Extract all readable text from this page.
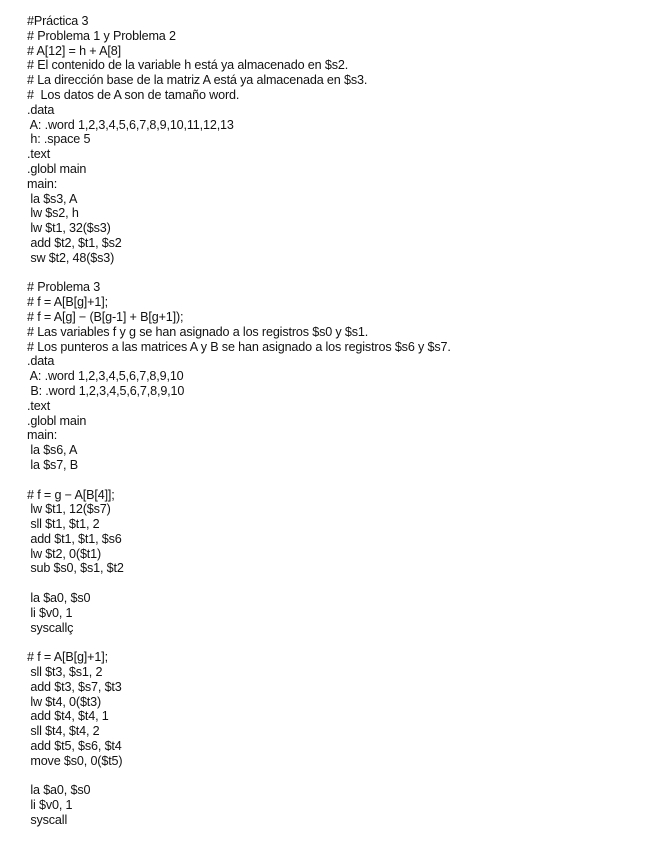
#Práctica 3
# Problema 1 y Problema 2
# A[12] = h + A[8]
# El contenido de la variable h está ya almacenado en $s2.
# La dirección base de la matriz A está ya almacenada en $s3.
#  Los datos de A son de tamaño word.
.data
A: .word 1,2,3,4,5,6,7,8,9,10,11,12,13
h: .space 5
.text
.globl main
main:
la $s3, A
lw $s2, h
lw $t1, 32($s3)
add $t2, $t1, $s2
sw $t2, 48($s3)
# Problema 3
# f = A[B[g]+1];
# f = A[g] − (B[g-1] + B[g+1]);
# Las variables f y g se han asignado a los registros $s0 y $s1.
# Los punteros a las matrices A y B se han asignado a los registros $s6 y $s7.
.data
A: .word 1,2,3,4,5,6,7,8,9,10
B: .word 1,2,3,4,5,6,7,8,9,10
.text
.globl main
main:
la $s6, A
la $s7, B
# f = g − A[B[4]];
lw $t1, 12($s7)
sll $t1, $t1, 2
add $t1, $t1, $s6
lw $t2, 0($t1)
sub $s0, $s1, $t2
la $a0, $s0
li $v0, 1
syscallç
# f = A[B[g]+1];
sll $t3, $s1, 2
add $t3, $s7, $t3
lw $t4, 0($t3)
add $t4, $t4, 1
sll $t4, $t4, 2
add $t5, $s6, $t4
move $s0, 0($t5)
la $a0, $s0
li $v0, 1
syscall
